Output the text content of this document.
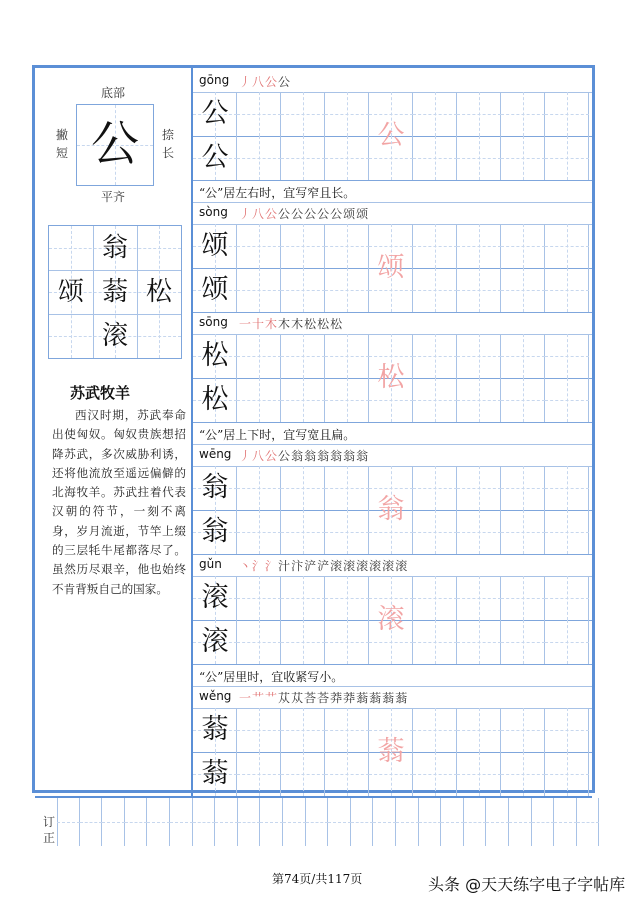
底部
公
撇短
捺长
平齐
翁
颂 蓊 松
滚
苏武牧羊
西汉时期，苏武奉命出使匈奴。匈奴贵族想招降苏武，多次威胁利诱，还将他流放至遥远偏僻的北海牧羊。苏武拄着代表汉朝的符节，一刻不离身，岁月流逝，节竿上缀的三层牦牛尾都落尽了。虽然历尽艰辛，他也始终不肯背叛自己的国家。
gōng 丿八公公
公
公
公
“公”居左右时，宜写窄且长。
sòng 丿八公公公公公公颂颂
颂
颂
颂
sōng 一十木木木松松松
松
松
松
“公”居上下时，宜写宽且扁。
wēng 丿八公公翁翁翁翁翁翁
翁
翁
翁
gǔn 丶氵氵汁汴浐浐滚滚滚滚滚滚
滚
滚
滚
“公”居里时，宜收紧写小。
wěng 一艹艹苁苁荅荅莽莽蓊蓊蓊蓊
蓊
蓊
蓊
订正
第74页/共117页	头条 @天天练字电子字帖库
